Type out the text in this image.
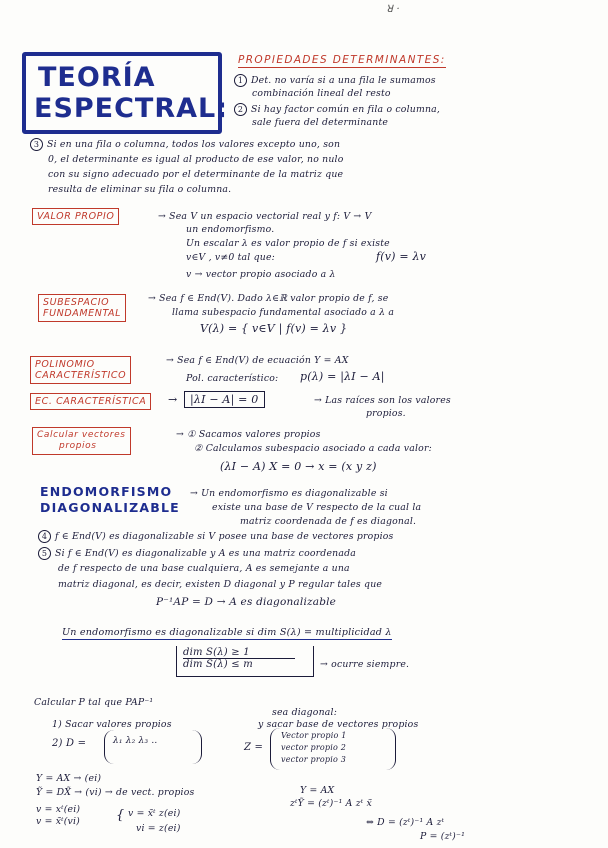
ꓤ ·
TEORÍA
ESPECTRAL:
PROPIEDADES DETERMINANTES:
1 Det. no varía si a una fila le sumamos
combinación lineal del resto
2 Si hay factor común en fila o columna,
sale fuera del determinante
3 Si en una fila o columna, todos los valores excepto uno, son
0, el determinante es igual al producto de ese valor, no nulo
con su signo adecuado por el determinante de la matriz que
resulta de eliminar su fila o columna.
VALOR PROPIO	→ Sea V un espacio vectorial real y f: V → V
un endomorfismo.
Un escalar λ es valor propio de f si existe
v∈V , v≠0 tal que:	f(v) = λv
v → vector propio asociado a λ
SUBESPACIO
FUNDAMENTAL
→ Sea f ∈ End(V). Dado λ∈ℝ valor propio de f, se
llama subespacio fundamental asociado a λ a
V(λ) = { v∈V | f(v) = λv }
POLINOMIO
CARACTERÍSTICO
→ Sea f ∈ End(V) de ecuación Y = AX
Pol. característico: p(λ) = |λI − A|
EC. CARACTERÍSTICA	→	|λI − A| = 0	→ Las raíces son los valores
propios.
Calcular vectores
propios
→ ① Sacamos valores propios
② Calculamos subespacio asociado a cada valor:
(λI − A) X = 0 → x = (x y z)
ENDOMORFISMO
DIAGONALIZABLE
→ Un endomorfismo es diagonalizable si
existe una base de V respecto de la cual la
matriz coordenada de f es diagonal.
4 f ∈ End(V) es diagonalizable si V posee una base de vectores propios
5 Si f ∈ End(V) es diagonalizable y A es una matriz coordenada
de f respecto de una base cualquiera, A es semejante a una
matriz diagonal, es decir, existen D diagonal y P regular tales que
P⁻¹AP = D → A es diagonalizable
Un endomorfismo es diagonalizable si dim S(λ) = multiplicidad λ
dim S(λ) ≥ 1
dim S(λ) ≤ m	→ ocurre siempre.
Calcular P tal que PAP⁻¹
sea diagonal:
1) Sacar valores propios	y sacar base de vectores propios
2) D =	λ₁ λ₂ λ₃ ..
Z =
Vector propio 1
vector propio 2
vector propio 3
Y = AX → (ei)
Ỹ = DX̃ → (vi) → de vect. propios
v = xᵗ(ei)
v = x̃ᵗ(vi)	{ v = x̃ᵗ z(ei)
vi = z(ei)
Y = AX
zᵗỸ = (zᵗ)⁻¹ A zᵗ x̃
⇔ D = (zᵗ)⁻¹ A zᵗ
P = (zᵗ)⁻¹
